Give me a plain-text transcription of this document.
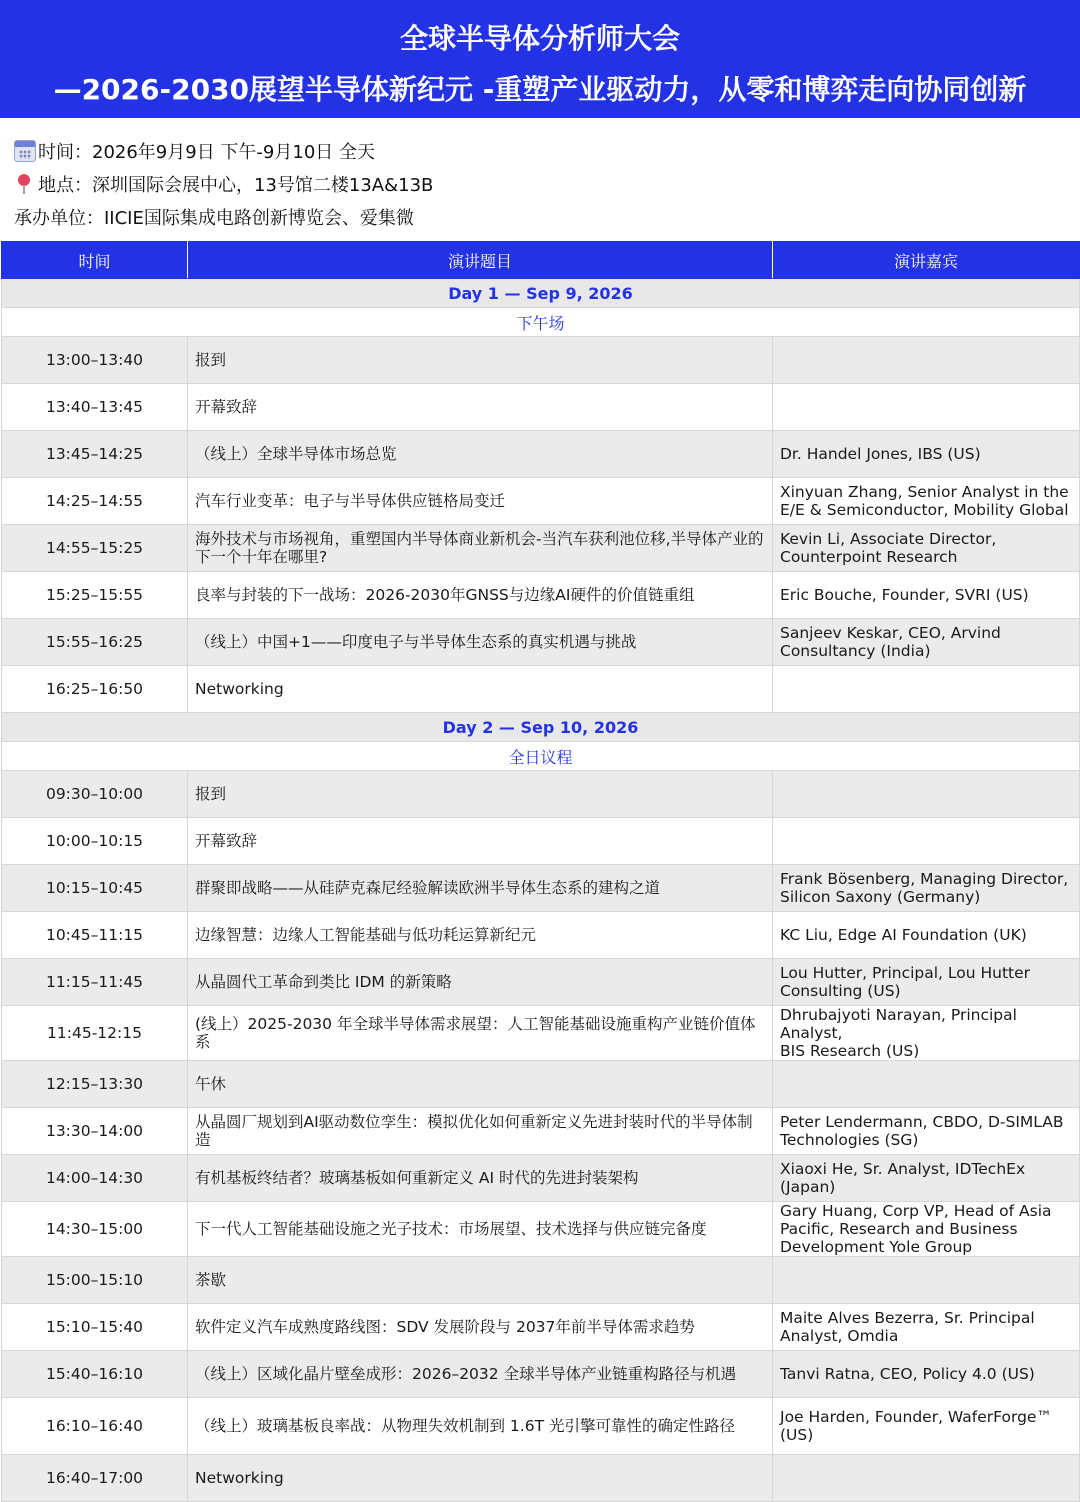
全球半导体分析师大会
—2026-2030展望半导体新纪元 -重塑产业驱动力，从零和博弈走向协同创新
时间：2026年9月9日 下午-9月10日 全天
地点：深圳国际会展中心，13号馆二楼13A&13B
承办单位：IICIE国际集成电路创新博览会、爱集微
时间	演讲题目	演讲嘉宾
Day 1 — Sep 9, 2026		
下午场		
13:00–13:40	报到	
13:40–13:45	开幕致辞	
13:45–14:25	（线上）全球半导体市场总览	Dr. Handel Jones, IBS (US)
14:25–14:55	汽车行业变革：电子与半导体供应链格局变迁	Xinyuan Zhang, Senior Analyst in the
E/E & Semiconductor, Mobility Global
14:55–15:25	海外技术与市场视角，重塑国内半导体商业新机会-当汽车获利池位移,半导体产业的下一个十年在哪里?	Kevin Li, Associate Director,
Counterpoint Research
15:25–15:55	良率与封装的下一战场：2026-2030年GNSS与边缘AI硬件的价值链重组	Eric Bouche, Founder, SVRI (US)
15:55–16:25	（线上）中国+1——印度电子与半导体生态系的真实机遇与挑战	Sanjeev Keskar, CEO, Arvind
Consultancy (India)
16:25–16:50	Networking	
Day 2 — Sep 10, 2026		
全日议程		
09:30–10:00	报到	
10:00–10:15	开幕致辞	
10:15–10:45	群聚即战略——从硅萨克森尼经验解读欧洲半导体生态系的建构之道	Frank Bösenberg, Managing Director,
Silicon Saxony (Germany)
10:45–11:15	边缘智慧：边缘人工智能基础与低功耗运算新纪元	KC Liu, Edge AI Foundation (UK)
11:15–11:45	从晶圆代工革命到类比 IDM 的新策略	Lou Hutter, Principal, Lou Hutter
Consulting (US)
11:45-12:15	(线上）2025-2030 年全球半导体需求展望：人工智能基础设施重构产业链价值体系	Dhrubajyoti Narayan, Principal Analyst,
BIS Research (US)
12:15–13:30	午休	
13:30–14:00	从晶圆厂规划到AI驱动数位孪生：模拟优化如何重新定义先进封装时代的半导体制造	Peter Lendermann, CBDO, D-SIMLAB
Technologies (SG)
14:00–14:30	有机基板终结者？玻璃基板如何重新定义 AI 时代的先进封装架构	Xiaoxi He, Sr. Analyst, IDTechEx (Japan)
14:30–15:00	下一代人工智能基础设施之光子技术：市场展望、技术选择与供应链完备度	Gary Huang, Corp VP, Head of Asia
Pacific, Research and Business
Development Yole Group
15:00–15:10	茶歇	
15:10–15:40	软件定义汽车成熟度路线图：SDV 发展阶段与 2037年前半导体需求趋势	Maite Alves Bezerra, Sr. Principal
Analyst, Omdia
15:40–16:10	（线上）区域化晶片壁垒成形：2026–2032 全球半导体产业链重构路径与机遇	Tanvi Ratna, CEO, Policy 4.0 (US)
16:10–16:40	（线上）玻璃基板良率战：从物理失效机制到 1.6T 光引擎可靠性的确定性路径	Joe Harden, Founder, WaferForge™ (US)
16:40–17:00	Networking	
